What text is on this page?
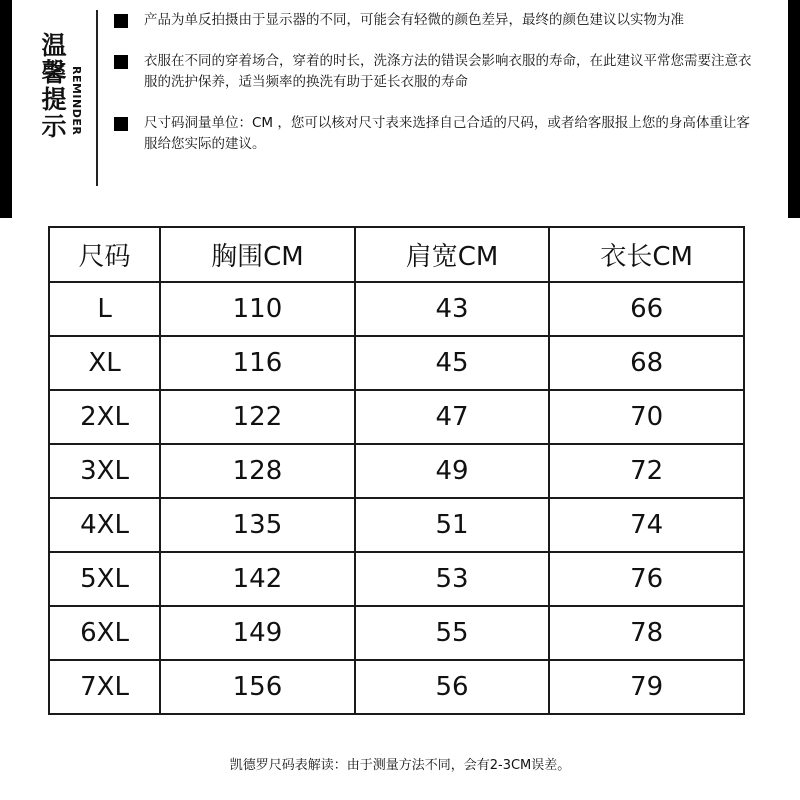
温馨提示 REMINDER
产品为单反拍摄由于显示器的不同，可能会有轻微的颜色差异，最终的颜色建议以实物为准
衣服在不同的穿着场合，穿着的时长，洗涤方法的错误会影响衣服的寿命，在此建议平常您需要注意衣服的洗护保养，适当频率的换洗有助于延长衣服的寿命
尺寸码洞量单位：CM ，您可以核对尺寸表来选择自己合适的尺码，或者给客服报上您的身高体重让客服给您实际的建议。
尺码	胸围CM	肩宽CM	衣长CM
L	110	43	66
XL	116	45	68
2XL	122	47	70
3XL	128	49	72
4XL	135	51	74
5XL	142	53	76
6XL	149	55	78
7XL	156	56	79
凯德罗尺码表解读：由于测量方法不同，会有2-3CM误差。
